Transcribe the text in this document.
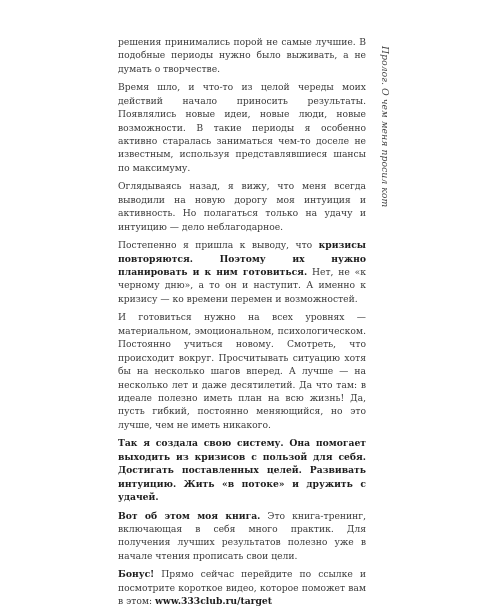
решения принимались порой не самые лучшие. В подобные периоды нужно было выживать, а не думать о творчестве.

Время шло, и что-то из целой череды моих действий начало приносить результаты. Появлялись новые идеи, новые люди, новые возможности. В такие периоды я особенно активно старалась заниматься чем-то доселе не известным, используя представлявшиеся шансы по максимуму.

Оглядываясь назад, я вижу, что меня всегда выводили на новую дорогу моя интуиция и активность. Но полагаться только на удачу и интуицию — дело неблагодарное.

Постепенно я пришла к выводу, что кризисы повторяются. Поэтому их нужно планировать и к ним готовиться. Нет, не «к черному дню», а то он и наступит. А именно к кризису — ко времени перемен и возможностей.

И готовиться нужно на всех уровнях — материальном, эмоциональном, психологическом. Постоянно учиться новому. Смотреть, что происходит вокруг. Просчитывать ситуацию хотя бы на несколько шагов вперед. А лучше — на несколько лет и даже десятилетий. Да что там: в идеале полезно иметь план на всю жизнь! Да, пусть гибкий, постоянно меняющийся, но это лучше, чем не иметь никакого.

Так я создала свою систему. Она помогает выходить из кризисов с пользой для себя. Достигать поставленных целей. Развивать интуицию. Жить «в потоке» и дружить с удачей.

Вот об этом моя книга. Это книга-тренинг, включающая в себя много практик. Для получения лучших результатов полезно уже в начале чтения прописать свои цели.

Бонус! Прямо сейчас перейдите по ссылке и посмотрите короткое видео, которое поможет вам в этом: www.333club.ru/target

Пролог. О чем меня просил кот
